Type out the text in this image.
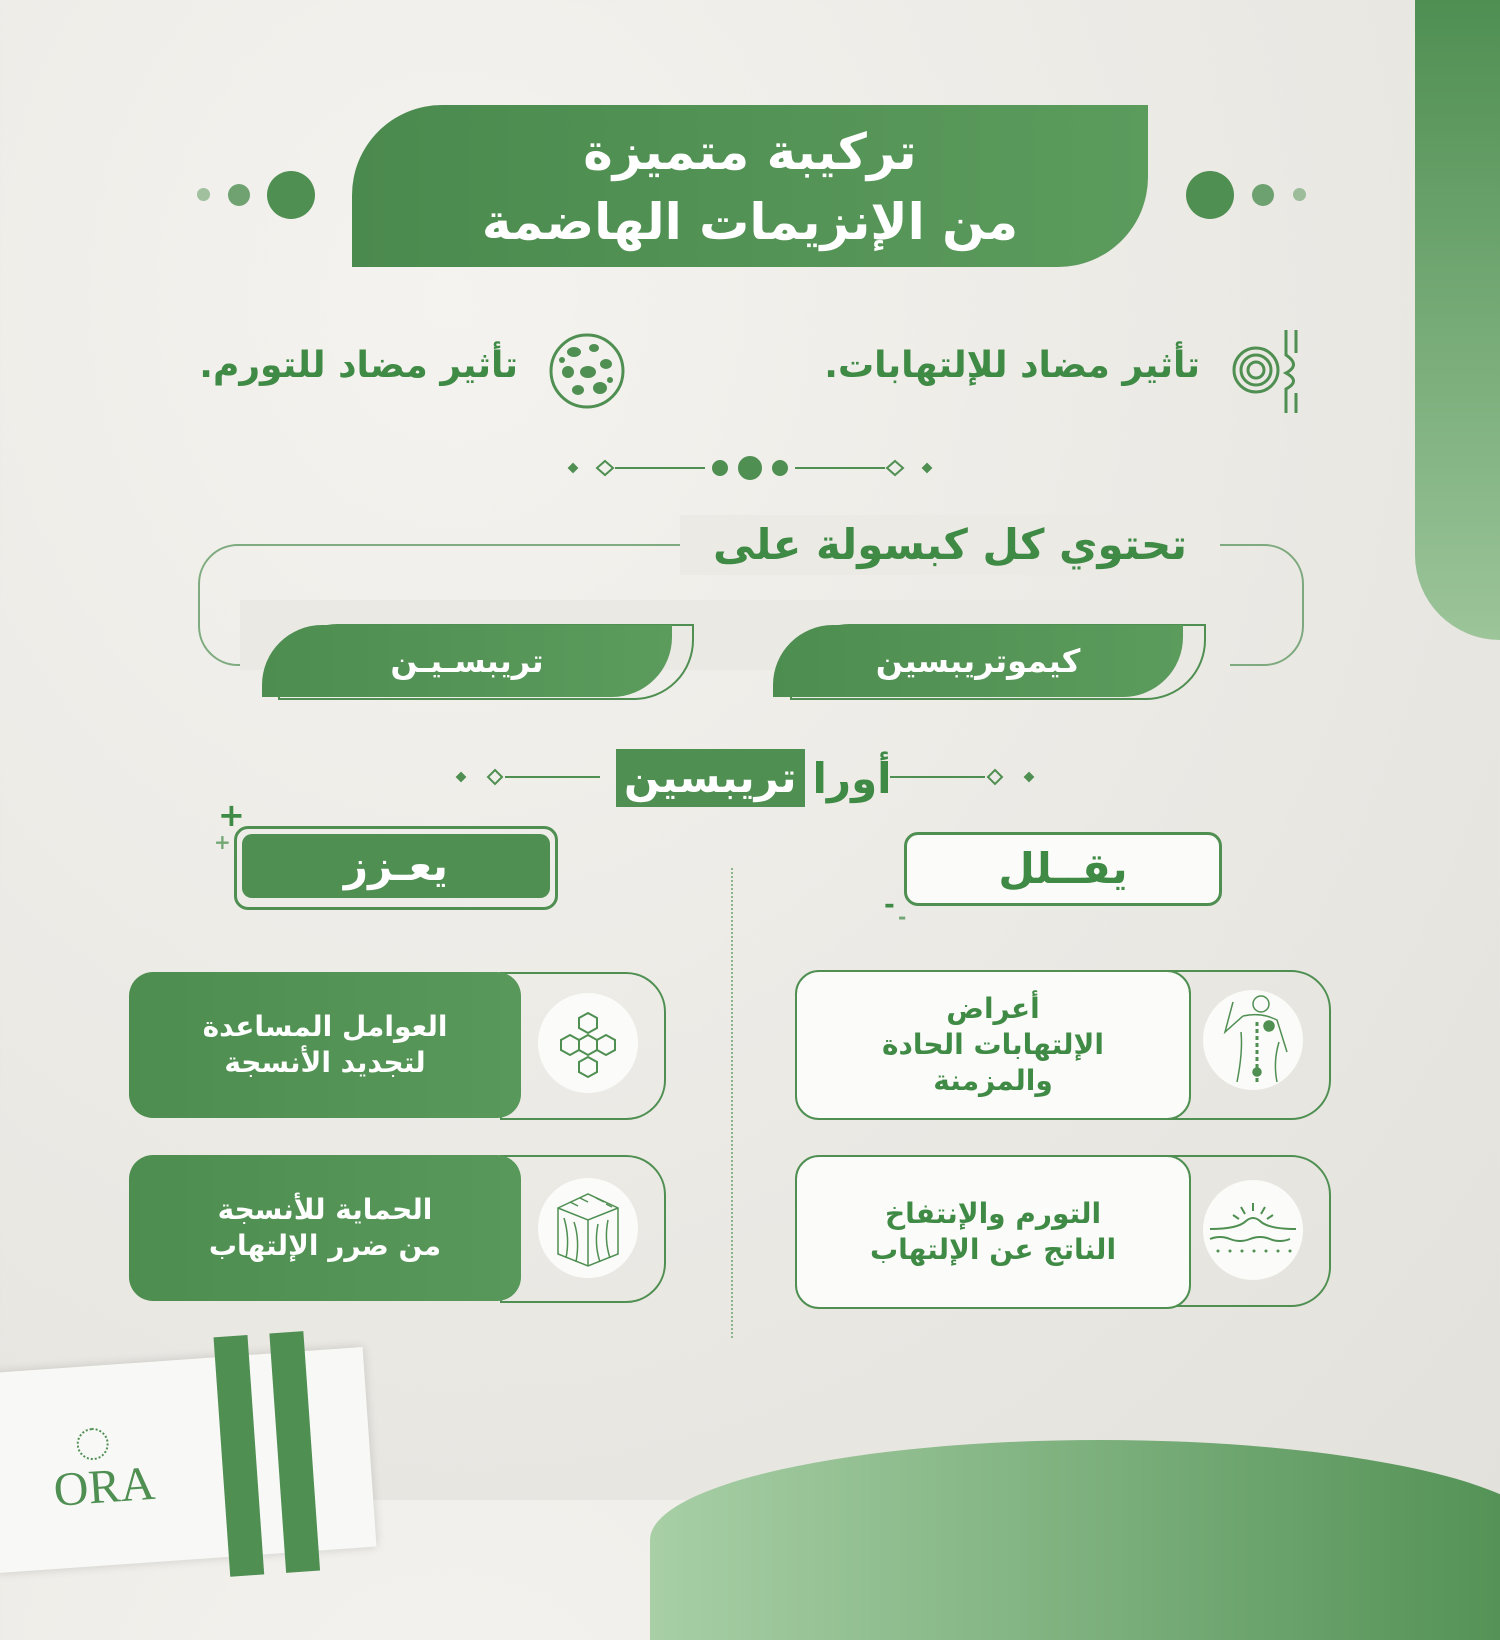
تركيبة متميزة
من الإنزيمات الهاضمة
تأثير مضاد للإلتهابات.
تأثير مضاد للتورم.
تحتوي كل كبسولة على
كيموتريبسين
تريبسـيـن
أورا
تريبسين
+
+	يعـزز	يقــلل
- -
العوامل المساعدة
لتجديد الأنسجة
الحماية للأنسجة
من ضرر الإلتهاب
أعراض
الإلتهابات الحادة
والمزمنة
التورم والإنتفاخ
الناتج عن الإلتهاب
ORA
